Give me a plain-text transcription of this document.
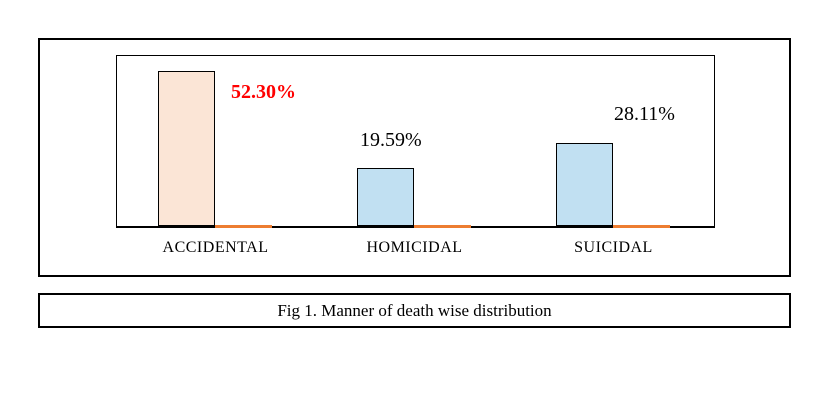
52.30%
19.59%
28.11%
ACCIDENTAL	HOMICIDAL	SUICIDAL
Fig 1. Manner of death wise distribution
